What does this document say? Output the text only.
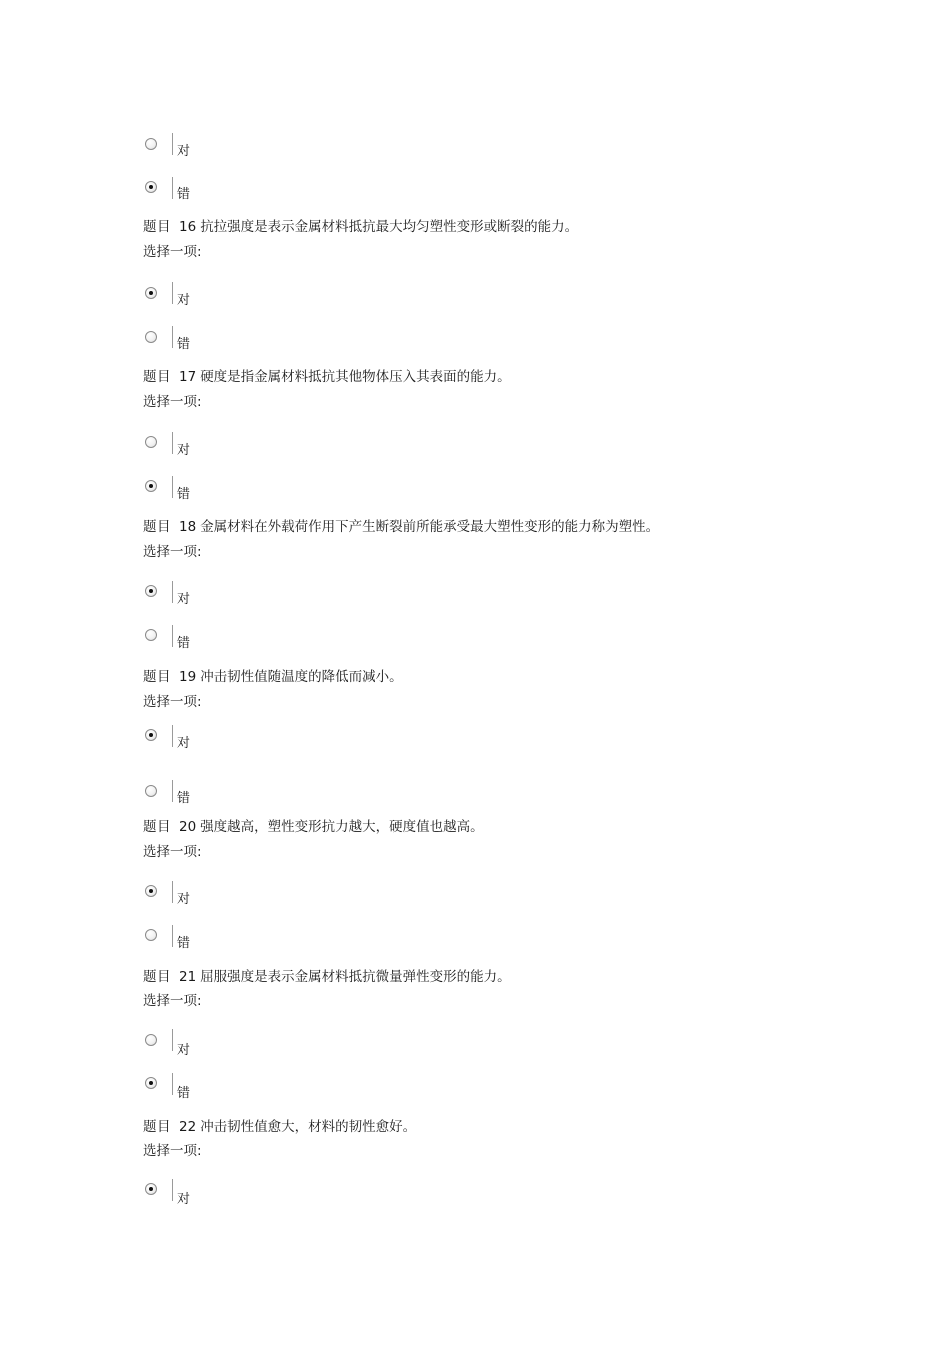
对
错
题目 16 抗拉强度是表示金属材料抵抗最大均匀塑性变形或断裂的能力。
选择一项:
对
错
题目 17 硬度是指金属材料抵抗其他物体压入其表面的能力。
选择一项:
对
错
题目 18 金属材料在外载荷作用下产生断裂前所能承受最大塑性变形的能力称为塑性。
选择一项:
对
错
题目 19 冲击韧性值随温度的降低而减小。
选择一项:
对
错
题目 20 强度越高，塑性变形抗力越大，硬度值也越高。
选择一项:
对
错
题目 21 屈服强度是表示金属材料抵抗微量弹性变形的能力。
选择一项:
对
错
题目 22 冲击韧性值愈大，材料的韧性愈好。
选择一项:
对
